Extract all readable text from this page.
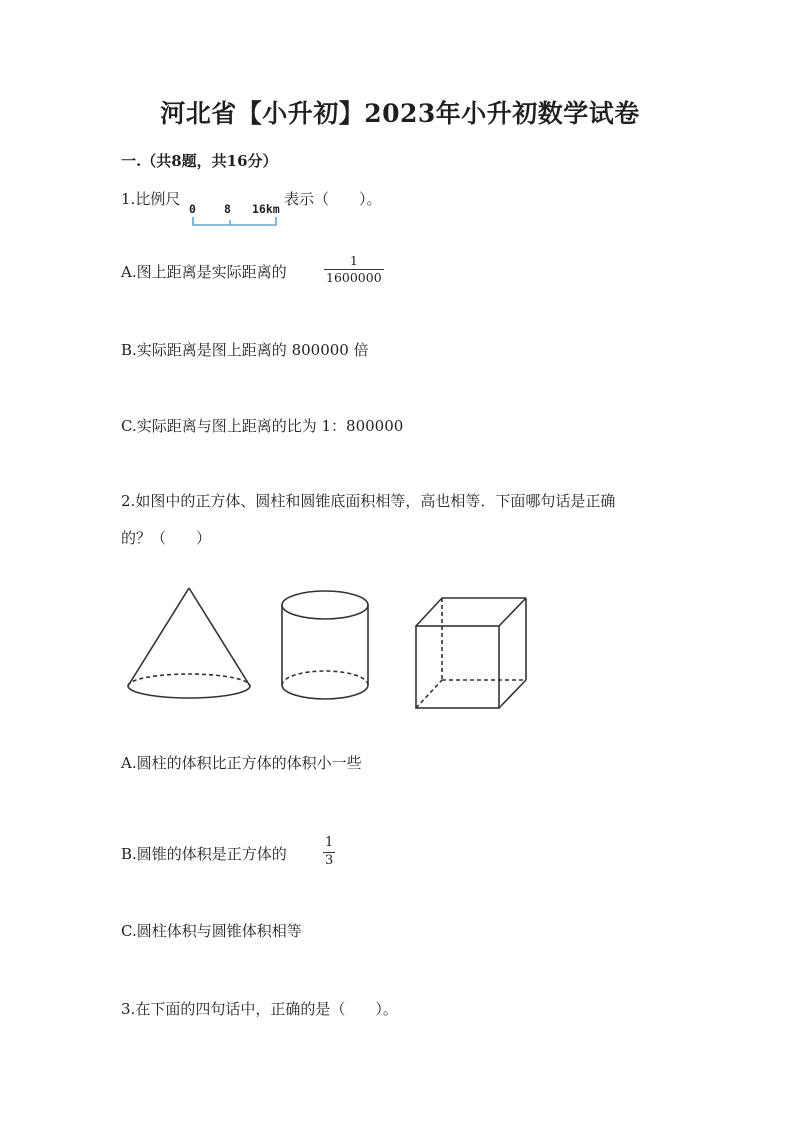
河北省【小升初】2023年小升初数学试卷
一.（共8题，共16分）
1.比例尺
0 8 16km
表示（　　）。
A.图上距离是实际距离的
1
1600000
B.实际距离是图上距离的 800000 倍
C.实际距离与图上距离的比为 1：800000
2.如图中的正方体、圆柱和圆锥底面积相等，高也相等．下面哪句话是正确
的？（　　）
A.圆柱的体积比正方体的体积小一些
B.圆锥的体积是正方体的
1
3
C.圆柱体积与圆锥体积相等
3.在下面的四句话中，正确的是（　　）。
